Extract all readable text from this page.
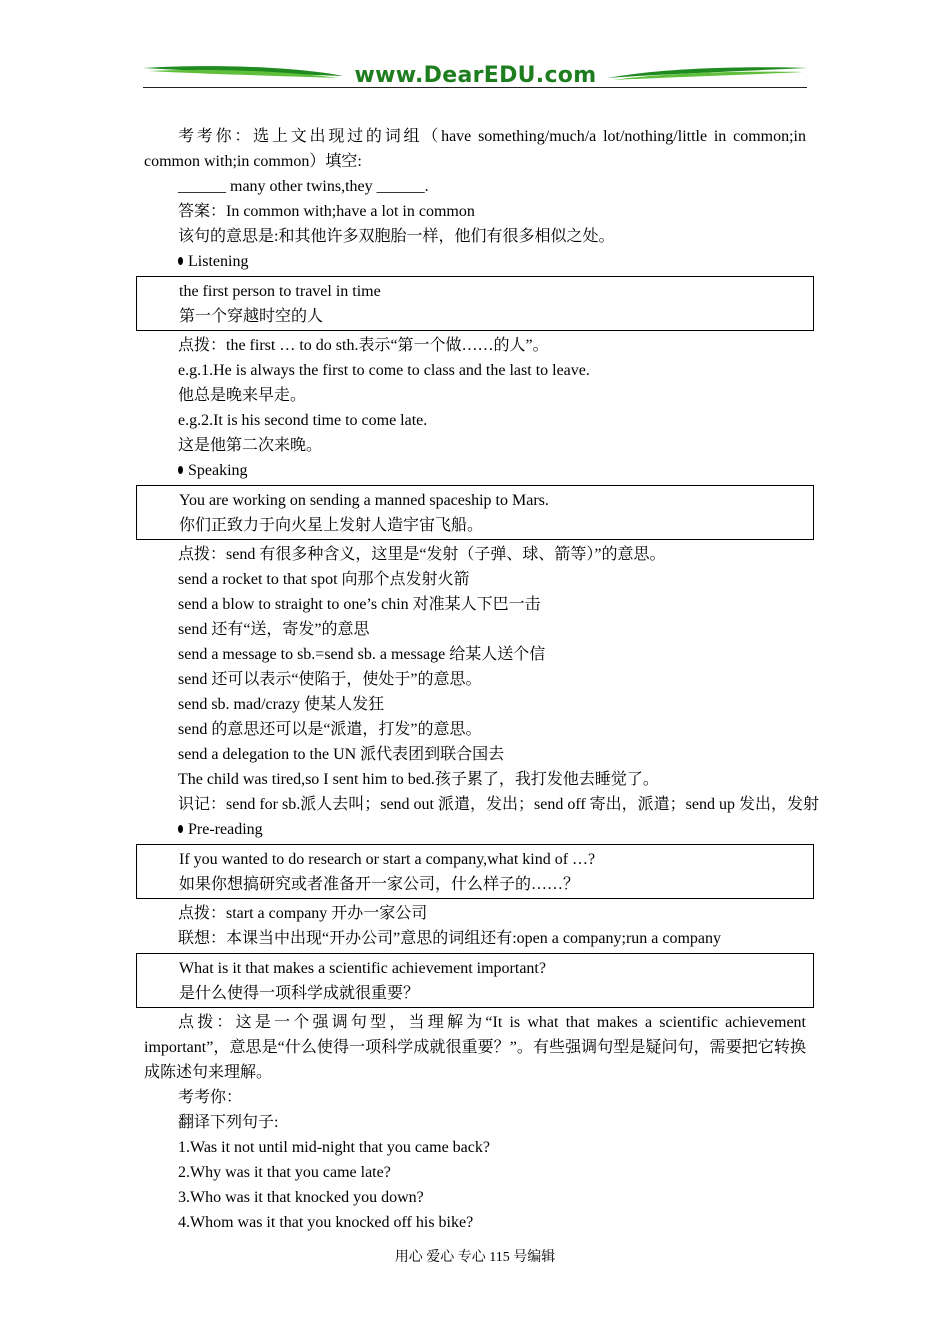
www.DearEDU.com
考考你：选上文出现过的词组（have something/much/a lot/nothing/little in common;in common with;in common）填空:
______ many other twins,they ______.
答案：In common with;have a lot in common
该句的意思是:和其他许多双胞胎一样，他们有很多相似之处。
Listening
the first person to travel in time
第一个穿越时空的人
点拨：the first … to do sth.表示“第一个做……的人”。
e.g.1.He is always the first to come to class and the last to leave.
他总是晚来早走。
e.g.2.It is his second time to come late.
这是他第二次来晚。
Speaking
You are working on sending a manned spaceship to Mars.
你们正致力于向火星上发射人造宇宙飞船。
点拨：send 有很多种含义，这里是“发射（子弹、球、箭等）”的意思。
send a rocket to that spot 向那个点发射火箭
send a blow to straight to one’s chin 对准某人下巴一击
send 还有“送，寄发”的意思
send a message to sb.=send sb. a message 给某人送个信
send 还可以表示“使陷于，使处于”的意思。
send sb. mad/crazy 使某人发狂
send 的意思还可以是“派遣，打发”的意思。
send a delegation to the UN 派代表团到联合国去
The child was tired,so I sent him to bed.孩子累了，我打发他去睡觉了。
识记：send for sb.派人去叫；send out 派遣，发出；send off 寄出，派遣；send up 发出，发射
Pre-reading
If you wanted to do research or start a company,what kind of …?
如果你想搞研究或者准备开一家公司，什么样子的……？
点拨：start a company 开办一家公司
联想：本课当中出现“开办公司”意思的词组还有:open a company;run a company
What is it that makes a scientific achievement important?
是什么使得一项科学成就很重要？
点拨：这是一个强调句型，当理解为“It is what that makes a scientific achievement important”，意思是“什么使得一项科学成就很重要？”。有些强调句型是疑问句，需要把它转换成陈述句来理解。
考考你：
翻译下列句子:
1.Was it not until mid-night that you came back?
2.Why was it that you came late?
3.Who was it that knocked you down?
4.Whom was it that you knocked off his bike?
用心 爱心 专心 115 号编辑
